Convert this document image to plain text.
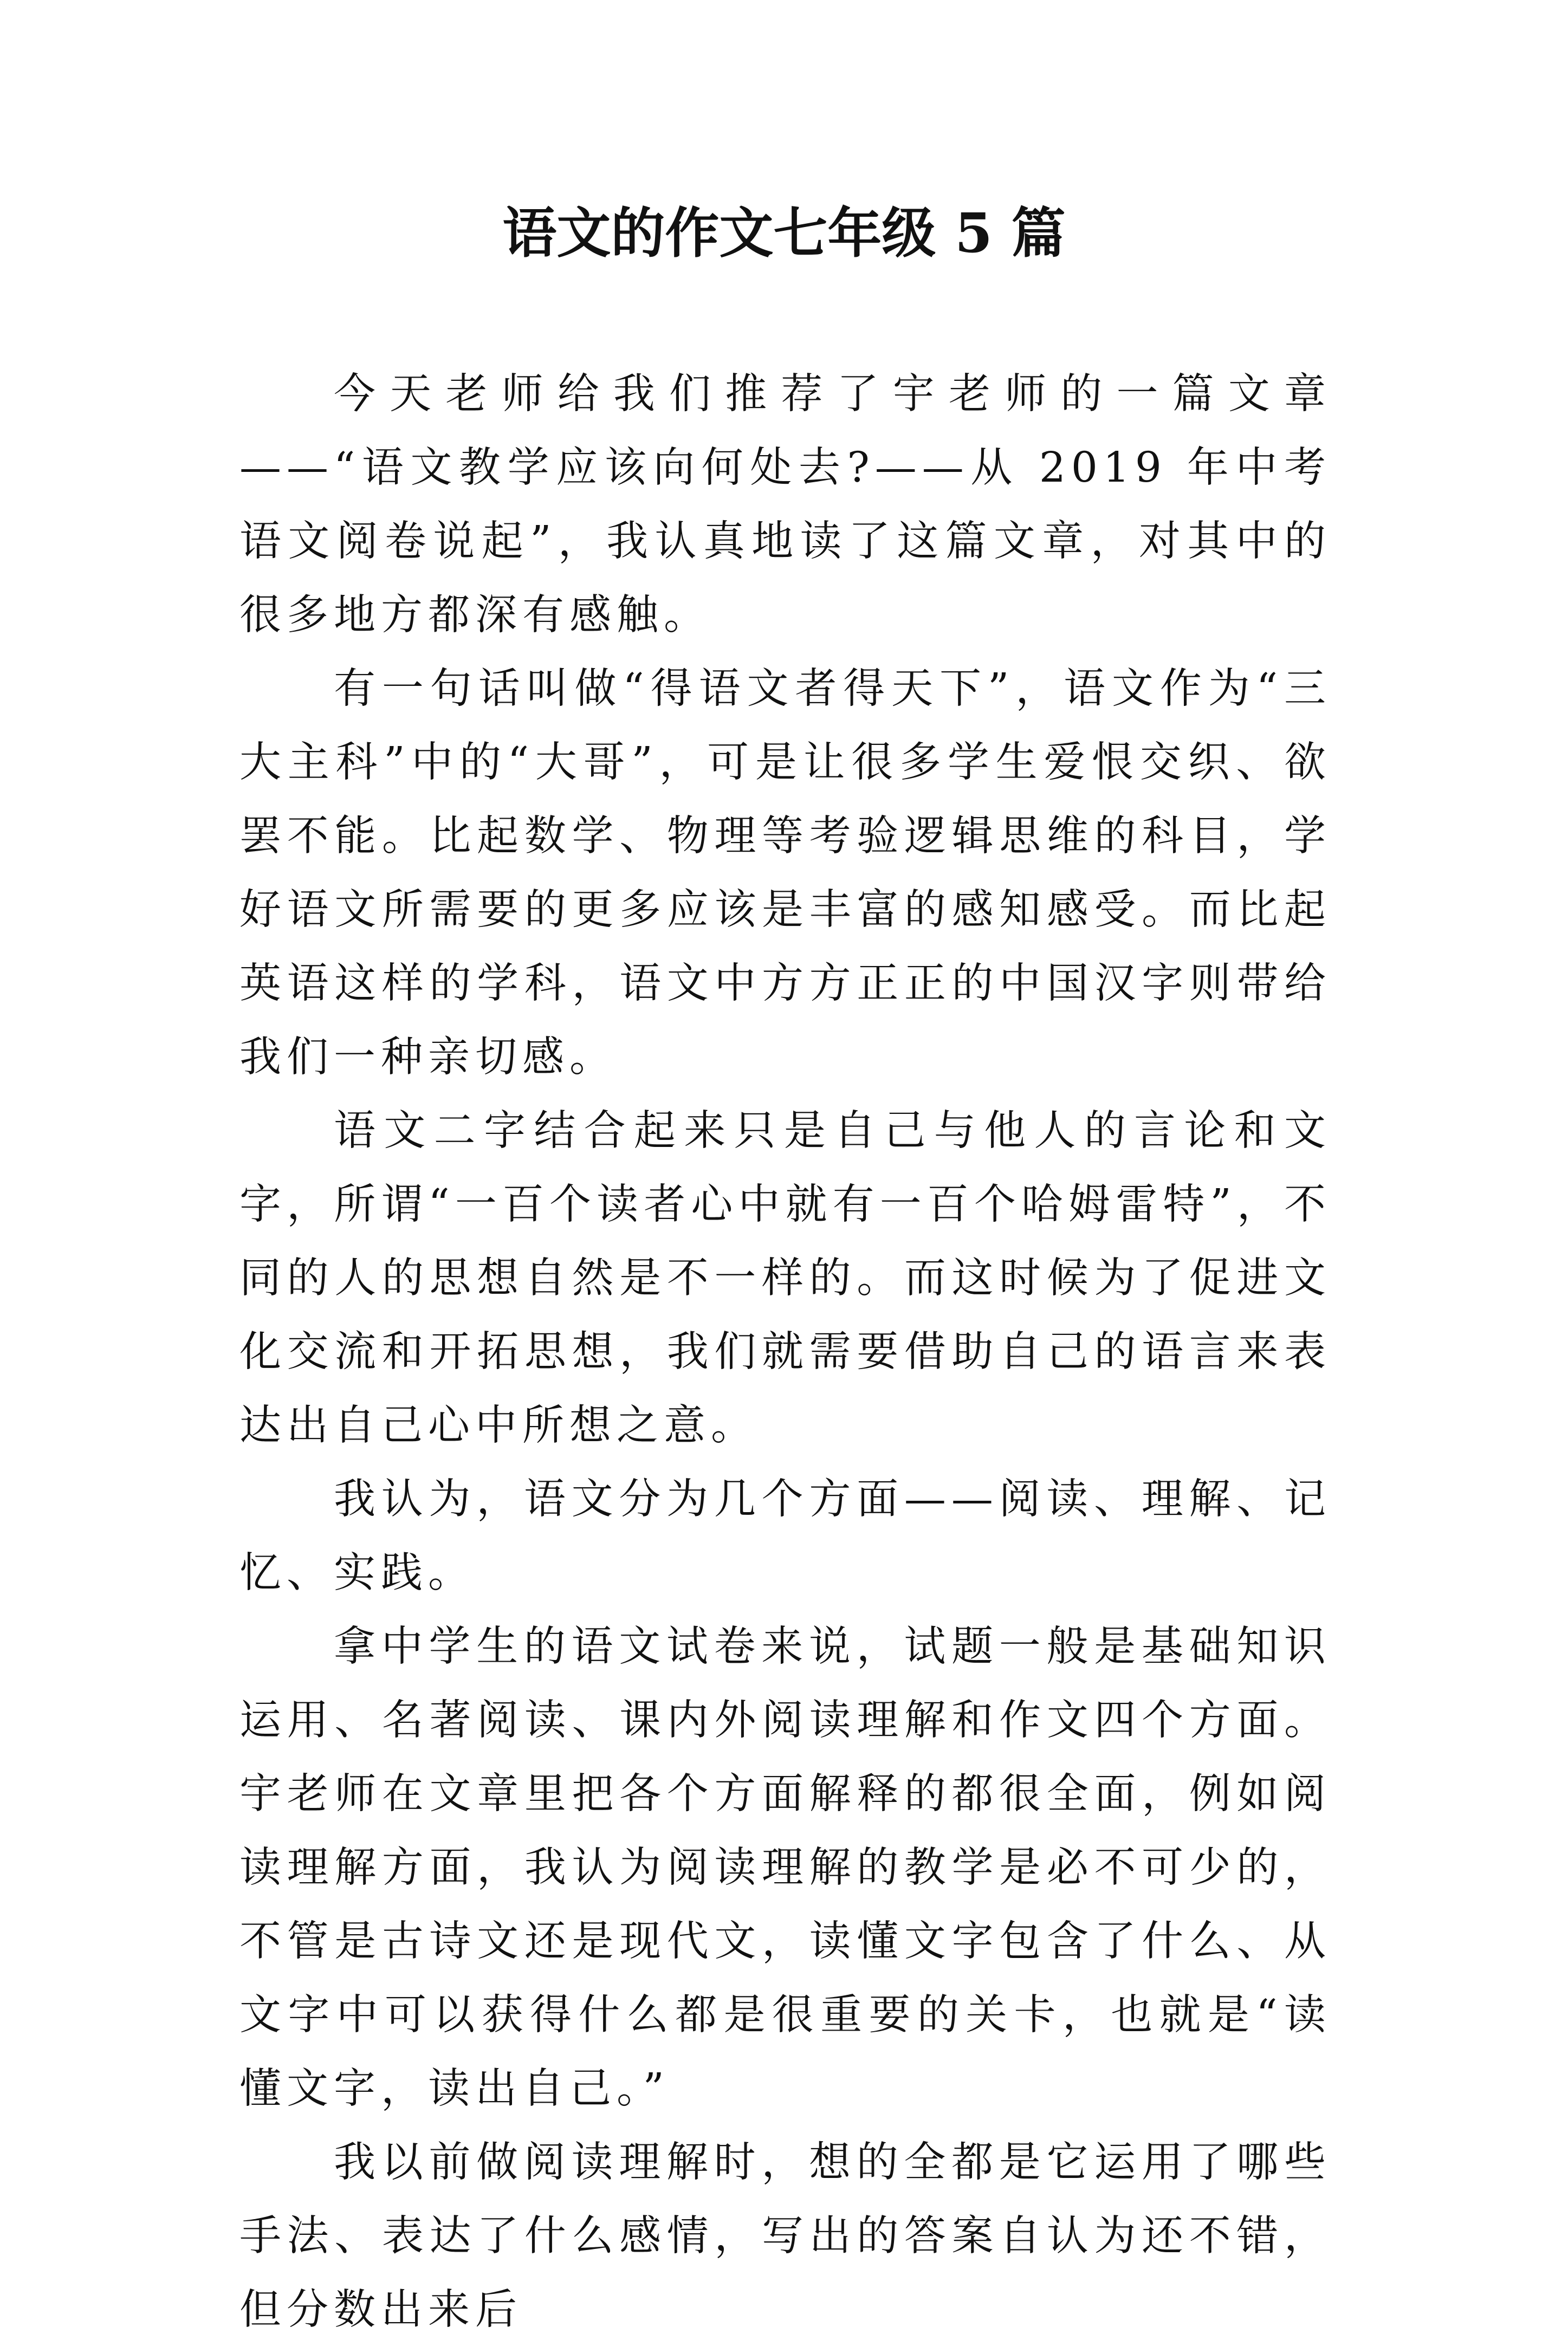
语文的作文七年级 5 篇

今天老师给我们推荐了宇老师的一篇文章——“语文教学应该向何处去?——从 2019 年中考语文阅卷说起”，我认真地读了这篇文章，对其中的很多地方都深有感触。

有一句话叫做“得语文者得天下”，语文作为“三大主科”中的“大哥”，可是让很多学生爱恨交织、欲罢不能。比起数学、物理等考验逻辑思维的科目，学好语文所需要的更多应该是丰富的感知感受。而比起英语这样的学科，语文中方方正正的中国汉字则带给我们一种亲切感。

语文二字结合起来只是自己与他人的言论和文字，所谓“一百个读者心中就有一百个哈姆雷特”，不同的人的思想自然是不一样的。而这时候为了促进文化交流和开拓思想，我们就需要借助自己的语言来表达出自己心中所想之意。

我认为，语文分为几个方面——阅读、理解、记忆、实践。

拿中学生的语文试卷来说，试题一般是基础知识运用、名著阅读、课内外阅读理解和作文四个方面。宇老师在文章里把各个方面解释的都很全面，例如阅读理解方面，我认为阅读理解的教学是必不可少的，不管是古诗文还是现代文，读懂文字包含了什么、从文字中可以获得什么都是很重要的关卡，也就是“读懂文字，读出自己。”

我以前做阅读理解时，想的全都是它运用了哪些手法、表达了什么感情，写出的答案自认为还不错，但分数出来后
